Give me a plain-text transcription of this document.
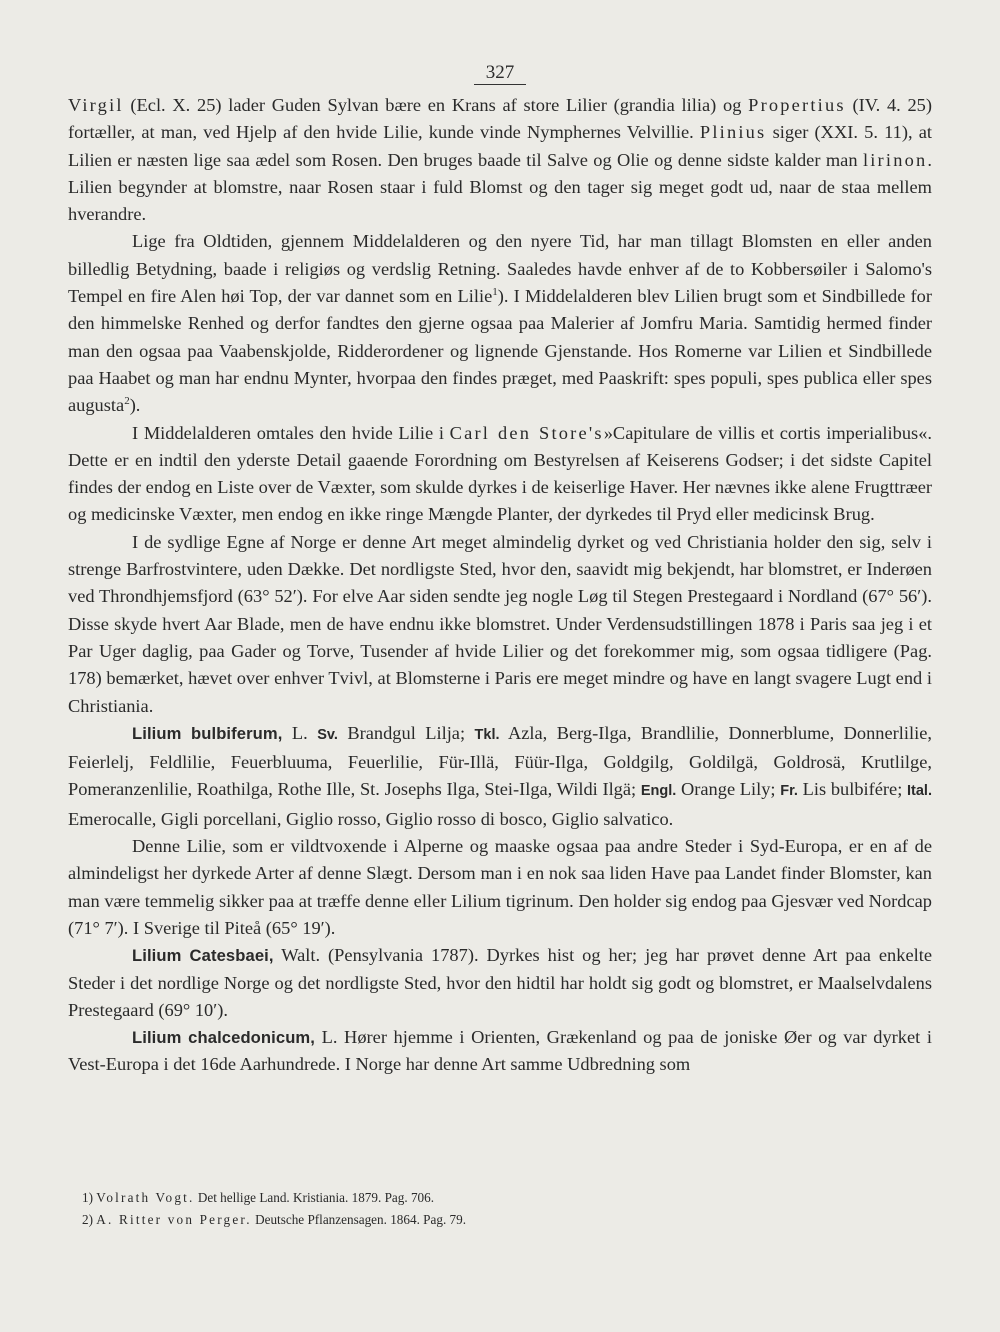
327

Virgil (Ecl. X. 25) lader Guden Sylvan bære en Krans af store Lilier (grandia lilia) og Propertius (IV. 4. 25) fortæller, at man, ved Hjelp af den hvide Lilie, kunde vinde Nymphernes Velvillie. Plinius siger (XXI. 5. 11), at Lilien er næsten lige saa ædel som Rosen. Den bruges baade til Salve og Olie og denne sidste kalder man lirinon. Lilien begynder at blomstre, naar Rosen staar i fuld Blomst og den tager sig meget godt ud, naar de staa mellem hverandre.

Lige fra Oldtiden, gjennem Middelalderen og den nyere Tid, har man tillagt Blomsten en eller anden billedlig Betydning, baade i religiøs og verdslig Retning. Saaledes havde enhver af de to Kobbersøiler i Salomo's Tempel en fire Alen høi Top, der var dannet som en Lilie$^1$). I Middelalderen blev Lilien brugt som et Sindbillede for den himmelske Renhed og derfor fandtes den gjerne ogsaa paa Malerier af Jomfru Maria. Samtidig hermed finder man den ogsaa paa Vaabenskjolde, Ridderordener og lignende Gjenstande. Hos Romerne var Lilien et Sindbillede paa Haabet og man har endnu Mynter, hvorpaa den findes præget, med Paaskrift: spes populi, spes publica eller spes augusta$^2$).

I Middelalderen omtales den hvide Lilie i Carl den Store's»Capitulare de villis et cortis imperialibus«. Dette er en indtil den yderste Detail gaaende Forordning om Bestyrelsen af Keiserens Godser; i det sidste Capitel findes der endog en Liste over de Væxter, som skulde dyrkes i de keiserlige Haver. Her nævnes ikke alene Frugttræer og medicinske Væxter, men endog en ikke ringe Mængde Planter, der dyrkedes til Pryd eller medicinsk Brug.

I de sydlige Egne af Norge er denne Art meget almindelig dyrket og ved Christiania holder den sig, selv i strenge Barfrostvintere, uden Dække. Det nordligste Sted, hvor den, saavidt mig bekjendt, har blomstret, er Inderøen ved Throndhjemsfjord (63° 52′). For elve Aar siden sendte jeg nogle Løg til Stegen Prestegaard i Nordland (67° 56′). Disse skyde hvert Aar Blade, men de have endnu ikke blomstret. Under Verdensudstillingen 1878 i Paris saa jeg i et Par Uger daglig, paa Gader og Torve, Tusender af hvide Lilier og det forekommer mig, som ogsaa tidligere (Pag. 178) bemærket, hævet over enhver Tvivl, at Blomsterne i Paris ere meget mindre og have en langt svagere Lugt end i Christiania.

Lilium bulbiferum, L. Sv. Brandgul Lilja; Tkl. Azla, Berg-Ilga, Brandlilie, Donnerblume, Donnerlilie, Feierlelj, Feldlilie, Feuerbluuma, Feuerlilie, Für-Illä, Füür-Ilga, Goldgilg, Goldilgä, Goldrosä, Krutlilge, Pomeranzenlilie, Roathilga, Rothe Ille, St. Josephs Ilga, Stei-Ilga, Wildi Ilgä; Engl. Orange Lily; Fr. Lis bulbifére; Ital. Emerocalle, Gigli porcellani, Giglio rosso, Giglio rosso di bosco, Giglio salvatico.

Denne Lilie, som er vildtvoxende i Alperne og maaske ogsaa paa andre Steder i Syd-Europa, er en af de almindeligst her dyrkede Arter af denne Slægt. Dersom man i en nok saa liden Have paa Landet finder Blomster, kan man være temmelig sikker paa at træffe denne eller Lilium tigrinum. Den holder sig endog paa Gjesvær ved Nordcap (71° 7′). I Sverige til Piteå (65° 19′).

Lilium Catesbaei, Walt. (Pensylvania 1787). Dyrkes hist og her; jeg har prøvet denne Art paa enkelte Steder i det nordlige Norge og det nordligste Sted, hvor den hidtil har holdt sig godt og blomstret, er Maalselvdalens Prestegaard (69° 10′).

Lilium chalcedonicum, L. Hører hjemme i Orienten, Grækenland og paa de joniske Øer og var dyrket i Vest-Europa i det 16de Aarhundrede. I Norge har denne Art samme Udbredning som

1) Volrath Vogt. Det hellige Land. Kristiania. 1879. Pag. 706.

2) A. Ritter von Perger. Deutsche Pflanzensagen. 1864. Pag. 79.
